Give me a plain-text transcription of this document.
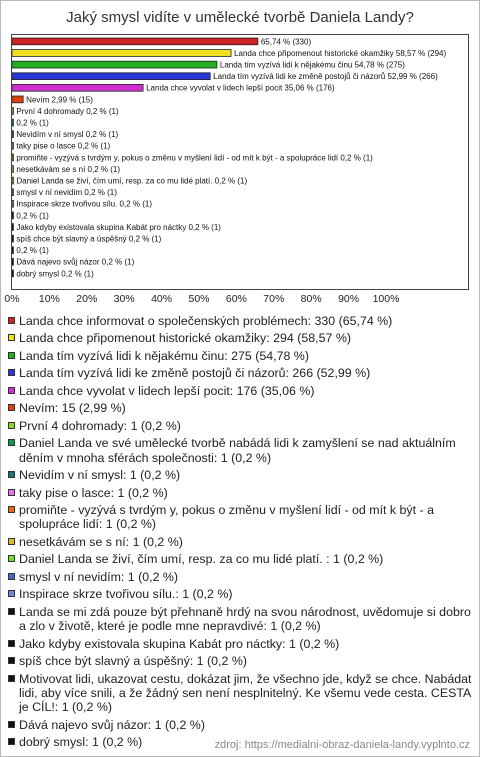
Jaký smysl vidíte v umělecké tvorbě Daniela Landy?
65,74 % (330)
Landa chce připomenout historické okamžiky 58,57 % (294)
Landa tím vyzívá lidi k nějakému činu 54,78 % (275)
Landa tím vyzívá lidi ke změně postojů či názorů 52,99 % (266)
Landa chce vyvolat v lidech lepší pocit 35,06 % (176)
Nevím 2,99 % (15)
První 4 dohromady 0,2 % (1)
0,2 % (1)
Nevidím v ní smysl 0,2 % (1)
taky pise o lasce 0,2 % (1)
promiňte - vyzývá s tvrdým y, pokus o změnu v myšlení lidí - od mít k být - a spolupráce lidí 0,2 % (1)
nesetkávám se s ní 0,2 % (1)
Daniel Landa se živí, čím umí, resp. za co mu lidé platí. 0,2 % (1)
smysl v ní nevidím 0,2 % (1)
Inspirace skrze tvořivou sílu. 0,2 % (1)
0,2 % (1)
Jako kdyby existovala skupina Kabát pro náctky 0,2 % (1)
spíš chce být slavný a úspěšný 0,2 % (1)
0,2 % (1)
Dává najevo svůj názor 0,2 % (1)
dobrý smysl 0,2 % (1)
0%	10%	20%	30%	40%	50%	60%	70%	80%	90%	100%
Landa chce informovat o společenských problémech: 330 (65,74 %)
Landa chce připomenout historické okamžiky: 294 (58,57 %)
Landa tím vyzívá lidi k nějakému činu: 275 (54,78 %)
Landa tím vyzívá lidi ke změně postojů či názorů: 266 (52,99 %)
Landa chce vyvolat v lidech lepší pocit: 176 (35,06 %)
Nevím: 15 (2,99 %)
První 4 dohromady: 1 (0,2 %)
Daniel Landa ve své umělecké tvorbě nabádá lidi k zamyšlení se nad aktuálním děním v mnoha sférách společnosti: 1 (0,2 %)
Nevidím v ní smysl: 1 (0,2 %)
taky pise o lasce: 1 (0,2 %)
promiňte - vyzývá s tvrdým y, pokus o změnu v myšlení lidí - od mít k být - a spolupráce lidí: 1 (0,2 %)
nesetkávám se s ní: 1 (0,2 %)
Daniel Landa se živí, čím umí, resp. za co mu lidé platí. : 1 (0,2 %)
smysl v ní nevidím: 1 (0,2 %)
Inspirace skrze tvořivou sílu.: 1 (0,2 %)
Landa se mi zdá pouze být přehnaně hrdý na svou národnost, uvědomuje si dobro a zlo v životě, které je podle mne nepravdivé: 1 (0,2 %)
Jako kdyby existovala skupina Kabát pro náctky: 1 (0,2 %)
spíš chce být slavný a úspěšný: 1 (0,2 %)
Motivovat lidi, ukazovat cestu, dokázat jim, že všechno jde, když se chce. Nabádat lidi, aby více snili, a že žádný sen není nesplnitelný. Ke všemu vede cesta. CESTA je CÍL!: 1 (0,2 %)
Dává najevo svůj názor: 1 (0,2 %)
dobrý smysl: 1 (0,2 %)	zdroj: https://medialni-obraz-daniela-landy.vyplnto.cz
